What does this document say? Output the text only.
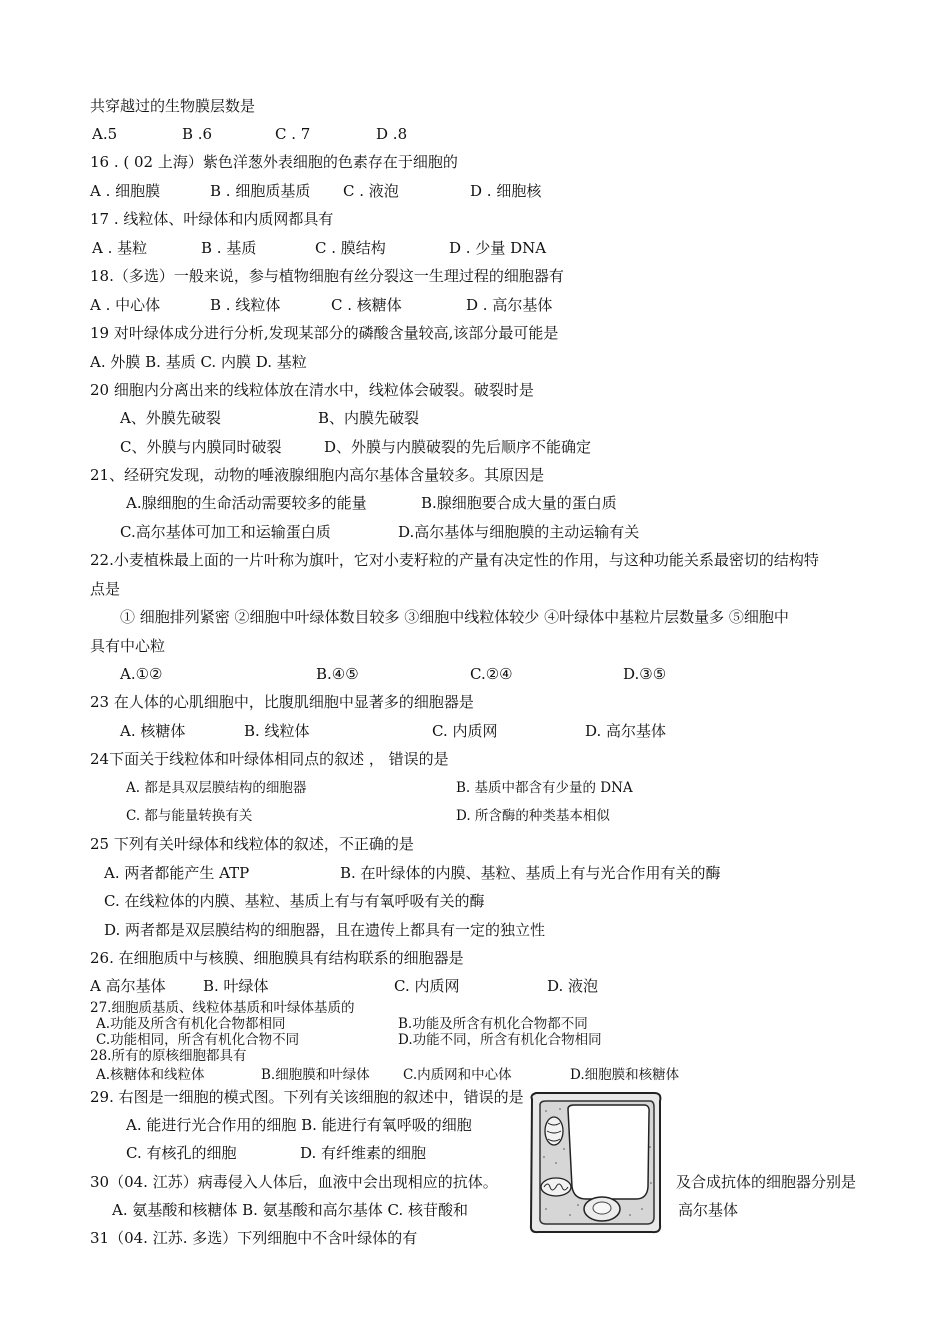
共穿越过的生物膜层数是
A.5	B .6	C . 7	D .8
16 . ( 02 上海）紫色洋葱外表细胞的色素存在于细胞的
A . 细胞膜	B . 细胞质基质 C . 液泡	D . 细胞核
17 . 线粒体、叶绿体和内质网都具有
A . 基粒	B . 基质	C . 膜结构	D . 少量 DNA
18.（多选）一般来说，参与植物细胞有丝分裂这一生理过程的细胞器有
A . 中心体	B . 线粒体	C . 核糖体	D . 高尔基体
19 对叶绿体成分进行分析,发现某部分的磷酸含量较高,该部分最可能是
A. 外膜 B. 基质 C. 内膜 D. 基粒
20 细胞内分离出来的线粒体放在清水中，线粒体会破裂。破裂时是
A、外膜先破裂	B、内膜先破裂
C、外膜与内膜同时破裂	D、外膜与内膜破裂的先后顺序不能确定
21、经研究发现，动物的唾液腺细胞内高尔基体含量较多。其原因是
A.腺细胞的生命活动需要较多的能量	B.腺细胞要合成大量的蛋白质
C.高尔基体可加工和运输蛋白质	D.高尔基体与细胞膜的主动运输有关
22.小麦植株最上面的一片叶称为旗叶，它对小麦籽粒的产量有决定性的作用，与这种功能关系最密切的结构特
点是
① 细胞排列紧密 ②细胞中叶绿体数目较多 ③细胞中线粒体较少 ④叶绿体中基粒片层数量多 ⑤细胞中
具有中心粒
A.①②	B.④⑤	C.②④	D.③⑤
23 在人体的心肌细胞中，比腹肌细胞中显著多的细胞器是
A. 核糖体	B. 线粒体	C. 内质网	D. 高尔基体
24下面关于线粒体和叶绿体相同点的叙述 ， 错误的是
A. 都是具双层膜结构的细胞器	B. 基质中都含有少量的 DNA
C. 都与能量转换有关	D. 所含酶的种类基本相似
25 下列有关叶绿体和线粒体的叙述，不正确的是
A. 两者都能产生 ATP	B. 在叶绿体的内膜、基粒、基质上有与光合作用有关的酶
C. 在线粒体的内膜、基粒、基质上有与有氧呼吸有关的酶
D. 两者都是双层膜结构的细胞器，且在遗传上都具有一定的独立性
26. 在细胞质中与核膜、细胞膜具有结构联系的细胞器是
A 高尔基体 B. 叶绿体	C. 内质网	D. 液泡
27.细胞质基质、线粒体基质和叶绿体基质的
A.功能及所含有机化合物都相同	B.功能及所含有机化合物都不同
C.功能相同，所含有机化合物不同	D.功能不同，所含有机化合物相同
28.所有的原核细胞都具有
A.核糖体和线粒体	B.细胞膜和叶绿体 C.内质网和中心体	D.细胞膜和核糖体
29. 右图是一细胞的模式图。下列有关该细胞的叙述中，错误的是
A. 能进行光合作用的细胞 B. 能进行有氧呼吸的细胞
C. 有核孔的细胞	D. 有纤维素的细胞
30（04. 江苏）病毒侵入人体后，血液中会出现相应的抗体。	及合成抗体的细胞器分别是
A. 氨基酸和核糖体 B. 氨基酸和高尔基体 C. 核苷酸和	高尔基体
31（04. 江苏. 多选）下列细胞中不含叶绿体的有
